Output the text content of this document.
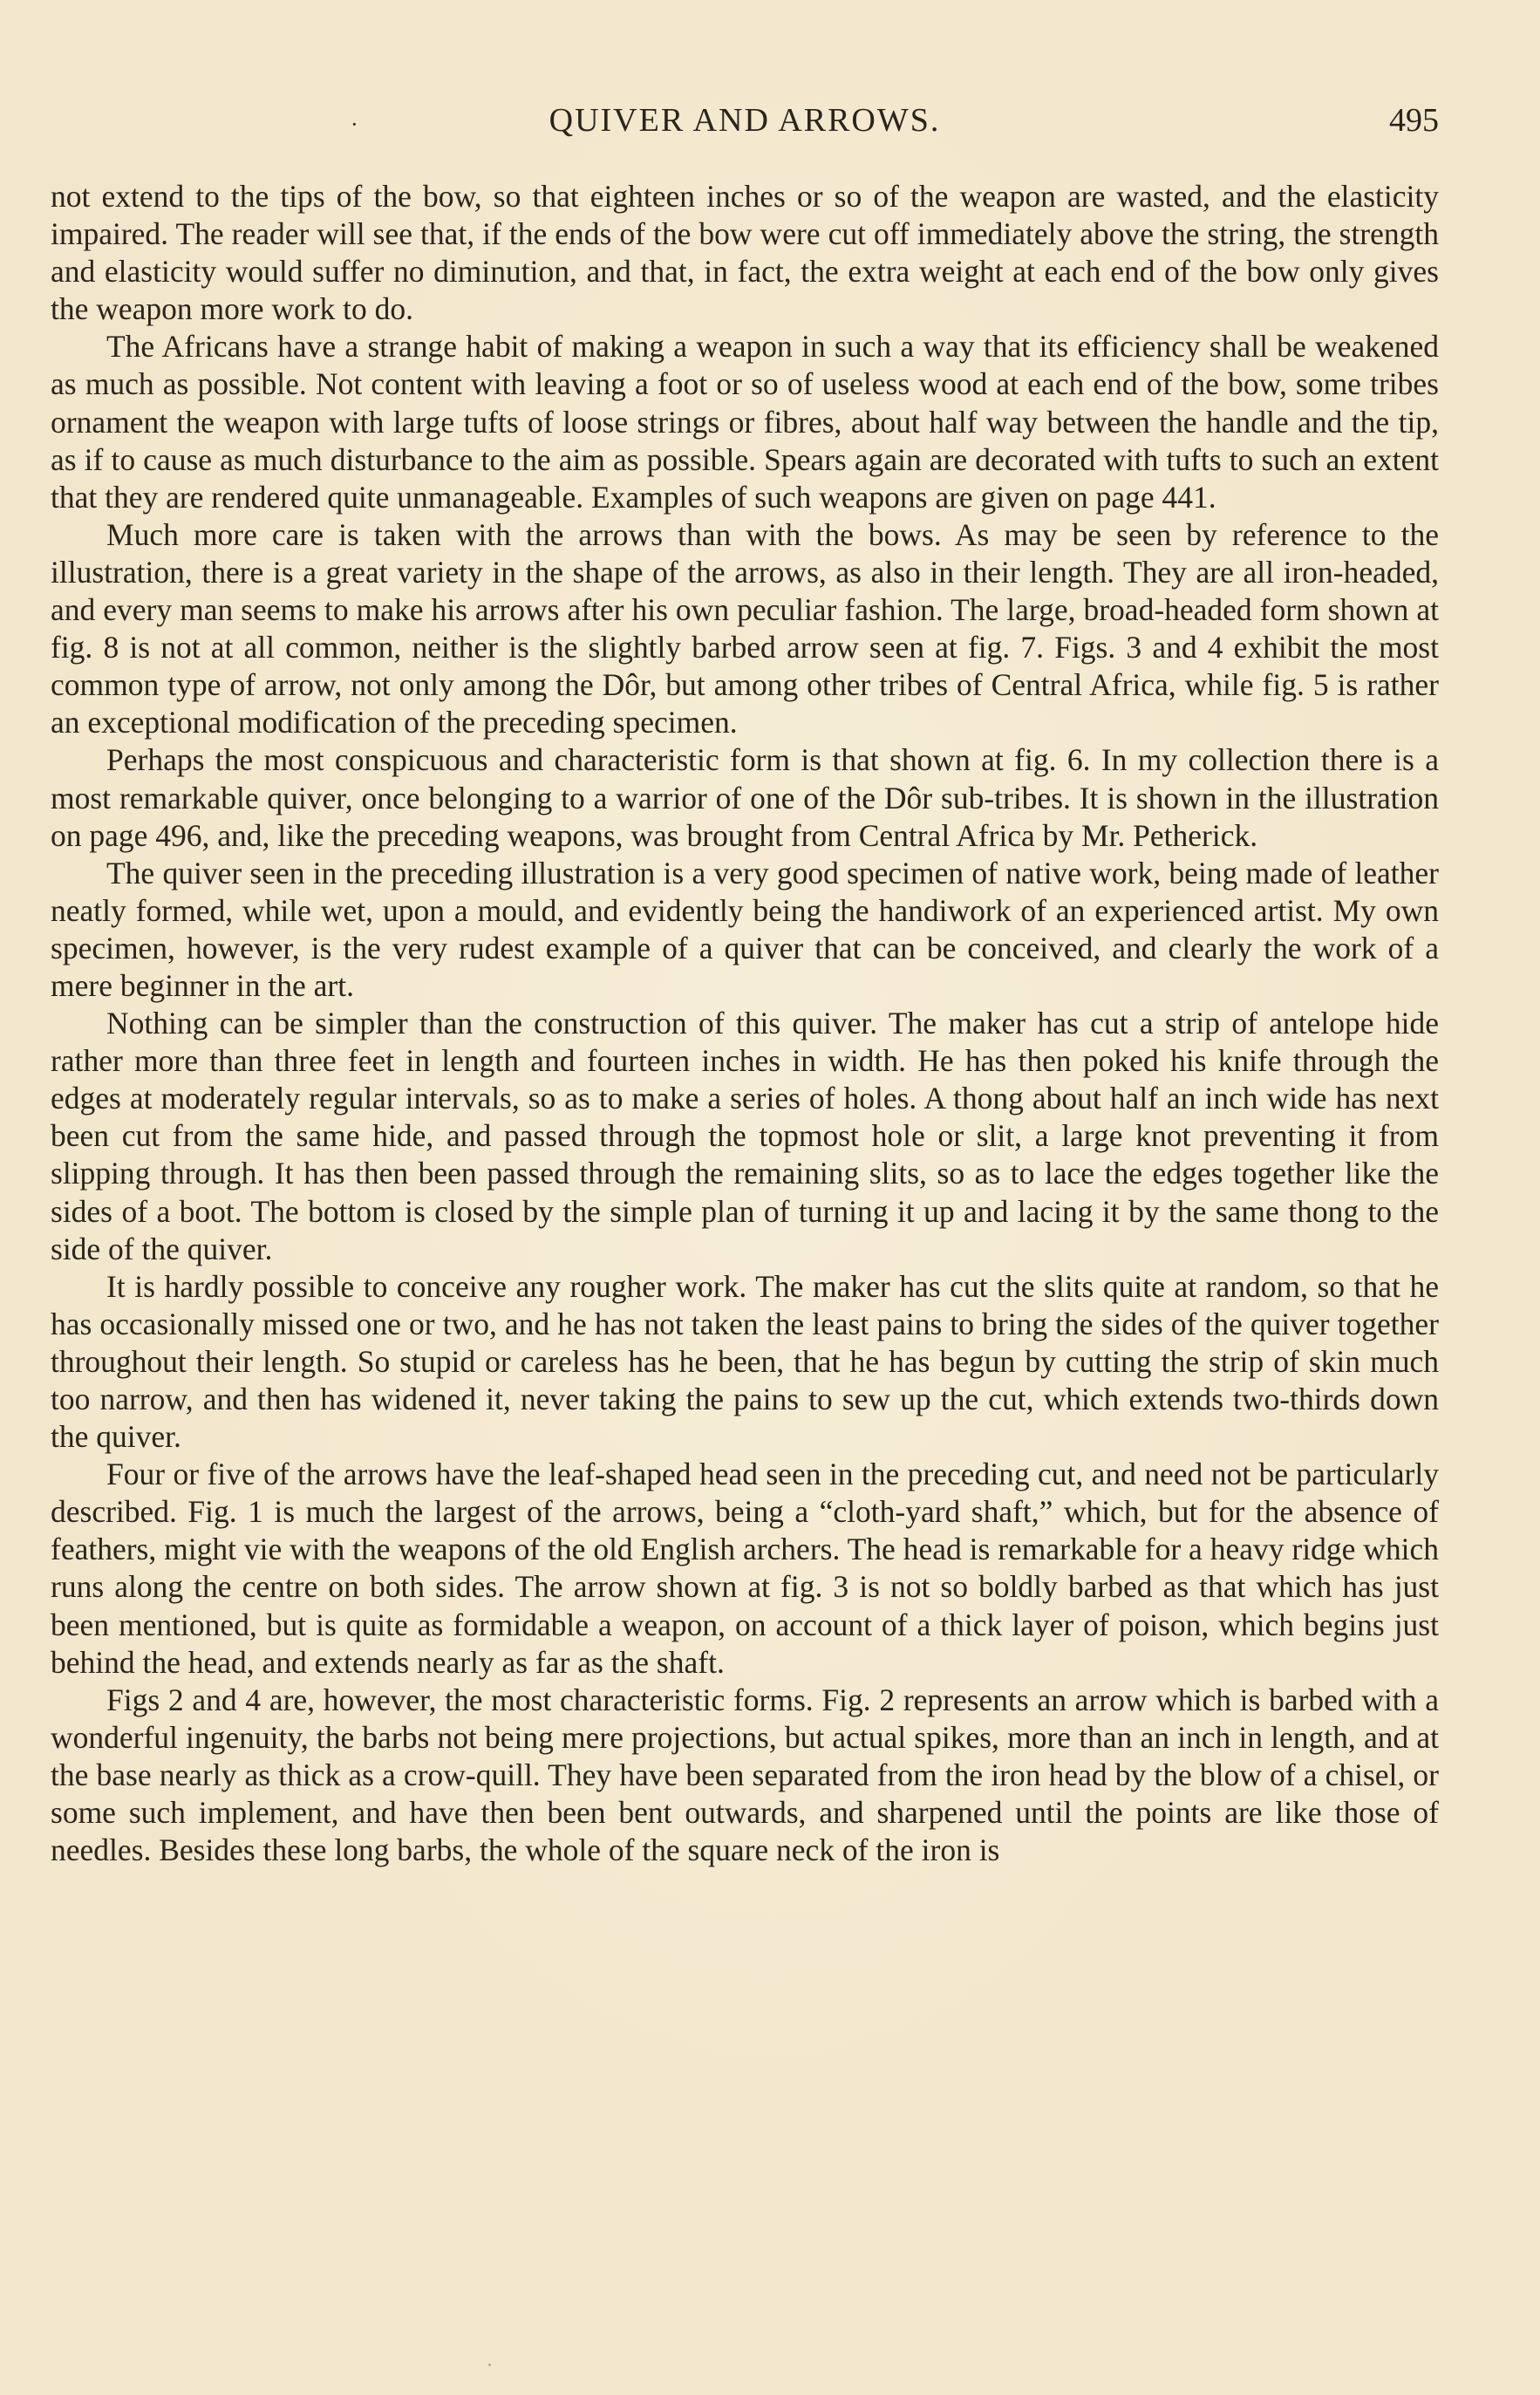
·	QUIVER AND ARROWS.	495

not extend to the tips of the bow, so that eighteen inches or so of the weapon are wasted, and the elasticity impaired. The reader will see that, if the ends of the bow were cut off immediately above the string, the strength and elasticity would suffer no diminution, and that, in fact, the extra weight at each end of the bow only gives the weapon more work to do.

The Africans have a strange habit of making a weapon in such a way that its efficiency shall be weakened as much as possible. Not content with leaving a foot or so of useless wood at each end of the bow, some tribes ornament the weapon with large tufts of loose strings or fibres, about half way between the handle and the tip, as if to cause as much disturbance to the aim as possible. Spears again are decorated with tufts to such an extent that they are rendered quite unmanageable. Examples of such weapons are given on page 441.

Much more care is taken with the arrows than with the bows. As may be seen by reference to the illustration, there is a great variety in the shape of the arrows, as also in their length. They are all iron-headed, and every man seems to make his arrows after his own peculiar fashion. The large, broad-headed form shown at fig. 8 is not at all common, neither is the slightly barbed arrow seen at fig. 7. Figs. 3 and 4 exhibit the most common type of arrow, not only among the Dôr, but among other tribes of Central Africa, while fig. 5 is rather an exceptional modification of the preceding specimen.

Perhaps the most conspicuous and characteristic form is that shown at fig. 6. In my collection there is a most remarkable quiver, once belonging to a warrior of one of the Dôr sub-tribes. It is shown in the illustration on page 496, and, like the preceding weapons, was brought from Central Africa by Mr. Petherick.

The quiver seen in the preceding illustration is a very good specimen of native work, being made of leather neatly formed, while wet, upon a mould, and evidently being the handiwork of an experienced artist. My own specimen, however, is the very rudest example of a quiver that can be conceived, and clearly the work of a mere beginner in the art.

Nothing can be simpler than the construction of this quiver. The maker has cut a strip of antelope hide rather more than three feet in length and fourteen inches in width. He has then poked his knife through the edges at moderately regular intervals, so as to make a series of holes. A thong about half an inch wide has next been cut from the same hide, and passed through the topmost hole or slit, a large knot preventing it from slipping through. It has then been passed through the remaining slits, so as to lace the edges together like the sides of a boot. The bottom is closed by the simple plan of turning it up and lacing it by the same thong to the side of the quiver.

It is hardly possible to conceive any rougher work. The maker has cut the slits quite at random, so that he has occasionally missed one or two, and he has not taken the least pains to bring the sides of the quiver together throughout their length. So stupid or careless has he been, that he has begun by cutting the strip of skin much too narrow, and then has widened it, never taking the pains to sew up the cut, which extends two-thirds down the quiver.

Four or five of the arrows have the leaf-shaped head seen in the preceding cut, and need not be particularly described. Fig. 1 is much the largest of the arrows, being a “cloth-yard shaft,” which, but for the absence of feathers, might vie with the weapons of the old English archers. The head is remarkable for a heavy ridge which runs along the centre on both sides. The arrow shown at fig. 3 is not so boldly barbed as that which has just been mentioned, but is quite as formidable a weapon, on account of a thick layer of poison, which begins just behind the head, and extends nearly as far as the shaft.

Figs 2 and 4 are, however, the most characteristic forms. Fig. 2 represents an arrow which is barbed with a wonderful ingenuity, the barbs not being mere projections, but actual spikes, more than an inch in length, and at the base nearly as thick as a crow-quill. They have been separated from the iron head by the blow of a chisel, or some such implement, and have then been bent outwards, and sharpened until the points are like those of needles. Besides these long barbs, the whole of the square neck of the iron is
